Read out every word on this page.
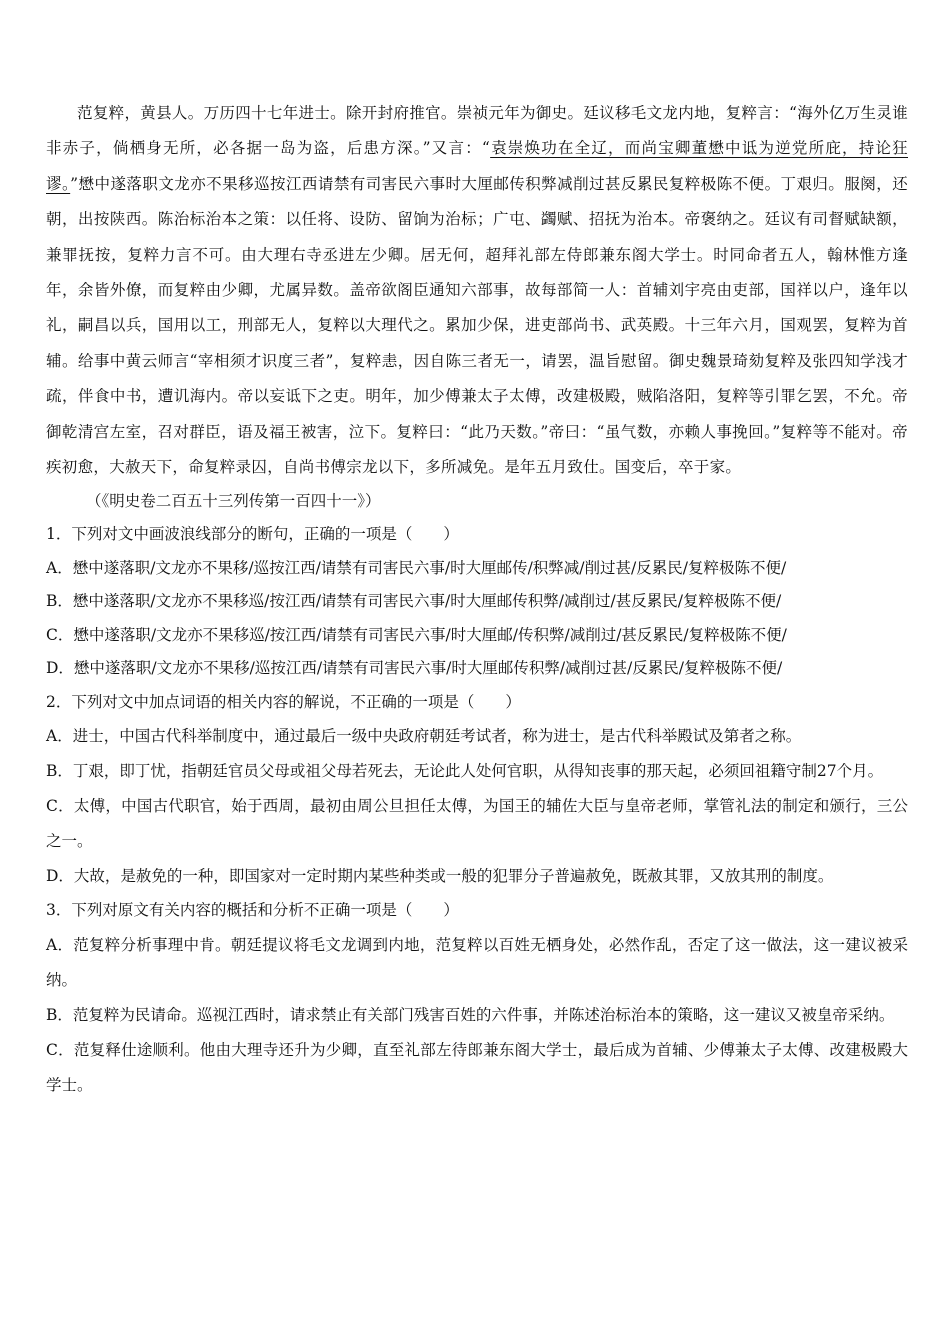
范复粹，黄县人。万历四十七年进士。除开封府推官。崇祯元年为御史。廷议移毛文龙内地，复粹言：“海外亿万生灵谁非赤子，倘栖身无所，必各据一岛为盗，后患方深。”又言：“袁崇焕功在全辽，而尚宝卿董懋中诋为逆党所庇，持论狂谬。”懋中遂落职文龙亦不果移巡按江西请禁有司害民六事时大厘邮传积弊减削过甚反累民复粹极陈不便。丁艰归。服阕，还朝，出按陕西。陈治标治本之策：以任将、设防、留饷为治标；广屯、蠲赋、招抚为治本。帝褒纳之。廷议有司督赋缺额，兼罪抚按，复粹力言不可。由大理右寺丞进左少卿。居无何，超拜礼部左侍郎兼东阁大学士。时同命者五人，翰林惟方逢年，余皆外僚，而复粹由少卿，尤属异数。盖帝欲阁臣通知六部事，故每部简一人：首辅刘宇亮由吏部，国祥以户，逢年以礼，嗣昌以兵，国用以工，刑部无人，复粹以大理代之。累加少保，进吏部尚书、武英殿。十三年六月，国观罢，复粹为首辅。给事中黄云师言“宰相须才识度三者”，复粹恚，因自陈三者无一，请罢，温旨慰留。御史魏景琦劾复粹及张四知学浅才疏，伴食中书，遭讥海内。帝以妄诋下之吏。明年，加少傅兼太子太傅，改建极殿，贼陷洛阳，复粹等引罪乞罢，不允。帝御乾清宫左室，召对群臣，语及福王被害，泣下。复粹曰：“此乃天数。”帝曰：“虽气数，亦赖人事挽回。”复粹等不能对。帝疾初愈，大赦天下，命复粹录囚，自尚书傅宗龙以下，多所减免。是年五月致仕。国变后，卒于家。

（《明史卷二百五十三列传第一百四十一》）

1．下列对文中画波浪线部分的断句，正确的一项是（　　）

A．懋中遂落职/文龙亦不果移/巡按江西/请禁有司害民六事/时大厘邮传/积弊减/削过甚/反累民/复粹极陈不便/

B．懋中遂落职/文龙亦不果移巡/按江西/请禁有司害民六事/时大厘邮传积弊/减削过/甚反累民/复粹极陈不便/

C．懋中遂落职/文龙亦不果移巡/按江西/请禁有司害民六事/时大厘邮/传积弊/减削过/甚反累民/复粹极陈不便/

D．懋中遂落职/文龙亦不果移/巡按江西/请禁有司害民六事/时大厘邮传积弊/减削过甚/反累民/复粹极陈不便/

2．下列对文中加点词语的相关内容的解说，不正确的一项是（　　）

A．进士，中国古代科举制度中，通过最后一级中央政府朝廷考试者，称为进士，是古代科举殿试及第者之称。

B．丁艰，即丁忧，指朝廷官员父母或祖父母若死去，无论此人处何官职，从得知丧事的那天起，必须回祖籍守制27个月。

C．太傅，中国古代职官，始于西周，最初由周公旦担任太傅，为国王的辅佐大臣与皇帝老师，掌管礼法的制定和颁行，三公之一。

D．大故，是赦免的一种，即国家对一定时期内某些种类或一般的犯罪分子普遍赦免，既赦其罪，又放其刑的制度。

3．下列对原文有关内容的概括和分析不正确一项是（　　）

A．范复粹分析事理中肯。朝廷提议将毛文龙调到内地，范复粹以百姓无栖身处，必然作乱，否定了这一做法，这一建议被采纳。

B．范复粹为民请命。巡视江西时，请求禁止有关部门残害百姓的六件事，并陈述治标治本的策略，这一建议又被皇帝采纳。

C．范复释仕途顺利。他由大理寺还升为少卿，直至礼部左待郎兼东阁大学士，最后成为首辅、少傅兼太子太傅、改建极殿大学士。
